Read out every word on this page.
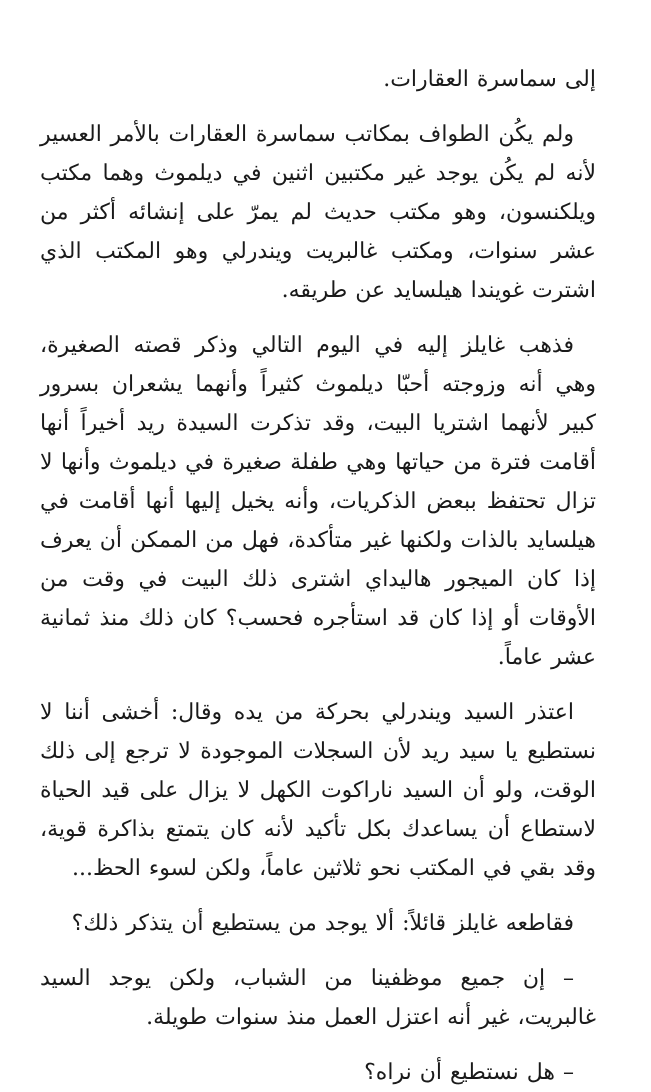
إلى سماسرة العقارات.

ولم يكُن الطواف بمكاتب سماسرة العقارات بالأمر العسير لأنه لم يكُن يوجد غير مكتبين اثنين في ديلموث وهما مكتب ويلكنسون، وهو مكتب حديث لم يمرّ على إنشائه أكثر من عشر سنوات، ومكتب غالبريت ويندرلي وهو المكتب الذي اشترت غويندا هيلسايد عن طريقه.

فذهب غايلز إليه في اليوم التالي وذكر قصته الصغيرة، وهي أنه وزوجته أحبّا ديلموث كثيراً وأنهما يشعران بسرور كبير لأنهما اشتريا البيت، وقد تذكرت السيدة ريد أخيراً أنها أقامت فترة من حياتها وهي طفلة صغيرة في ديلموث وأنها لا تزال تحتفظ ببعض الذكريات، وأنه يخيل إليها أنها أقامت في هيلسايد بالذات ولكنها غير متأكدة، فهل من الممكن أن يعرف إذا كان الميجور هاليداي اشترى ذلك البيت في وقت من الأوقات أو إذا كان قد استأجره فحسب؟ كان ذلك منذ ثمانية عشر عاماً.

اعتذر السيد ويندرلي بحركة من يده وقال: أخشى أننا لا نستطيع يا سيد ريد لأن السجلات الموجودة لا ترجع إلى ذلك الوقت، ولو أن السيد ناراكوت الكهل لا يزال على قيد الحياة لاستطاع أن يساعدك بكل تأكيد لأنه كان يتمتع بذاكرة قوية، وقد بقي في المكتب نحو ثلاثين عاماً، ولكن لسوء الحظ...

فقاطعه غايلز قائلاً: ألا يوجد من يستطيع أن يتذكر ذلك؟

– إن جميع موظفينا من الشباب، ولكن يوجد السيد غالبريت، غير أنه اعتزل العمل منذ سنوات طويلة.

– هل نستطيع أن نراه؟
